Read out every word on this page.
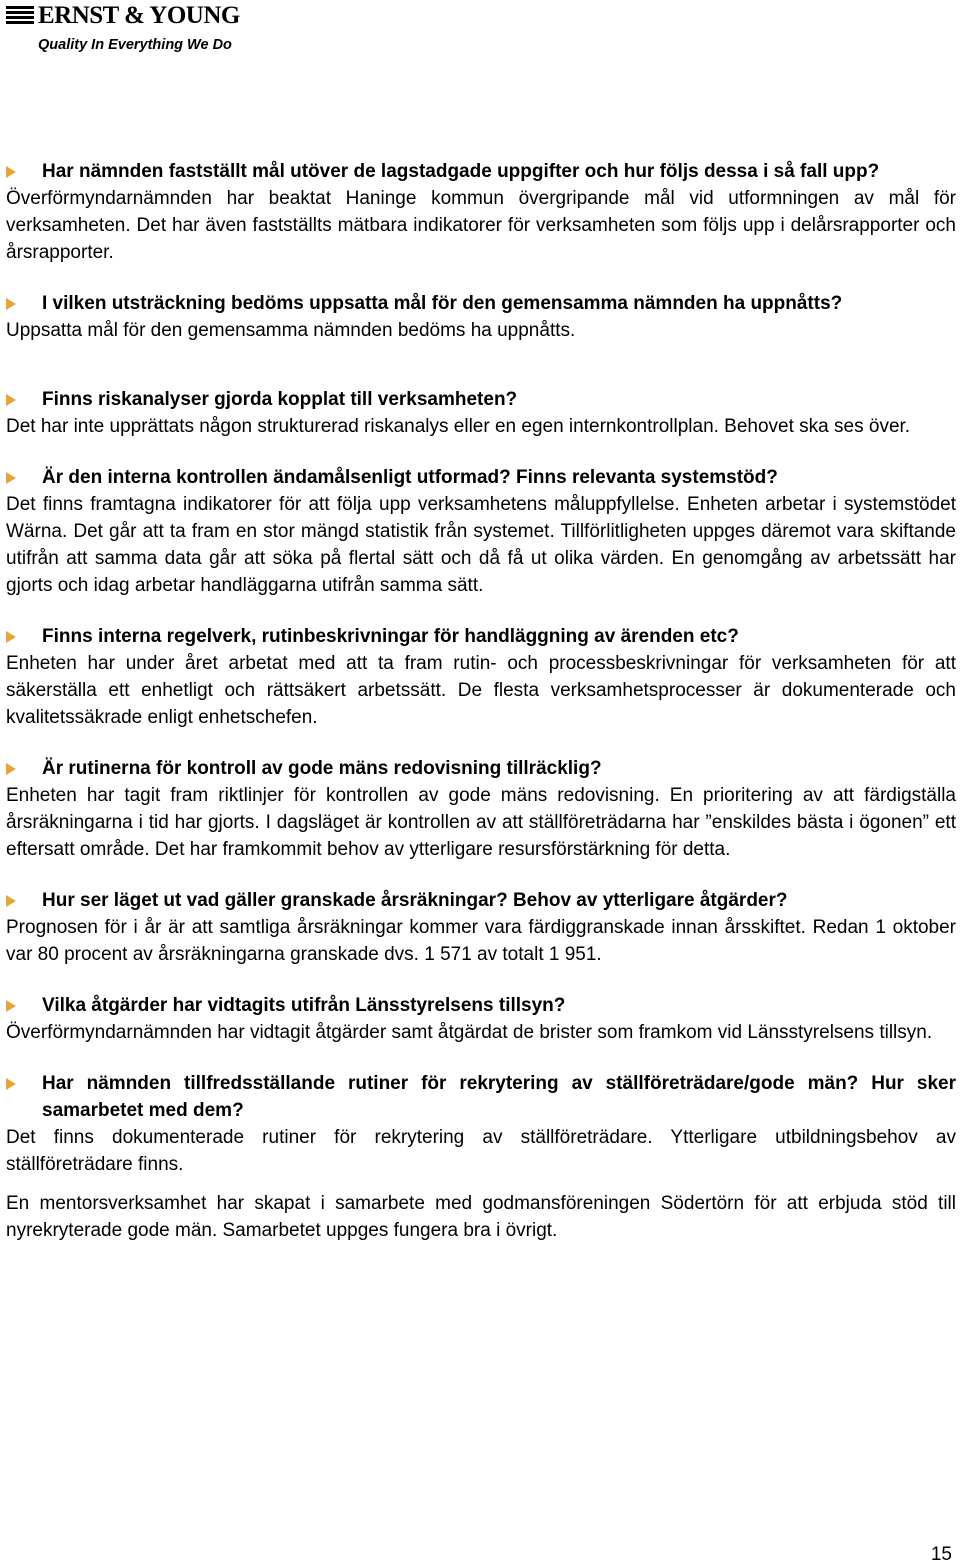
ERNST & YOUNG
Quality In Everything We Do

Har nämnden fastställt mål utöver de lagstadgade uppgifter och hur följs dessa i så fall upp?

Överförmyndarnämnden har beaktat Haninge kommun övergripande mål vid utformningen av mål för verksamheten. Det har även fastställts mätbara indikatorer för verksamheten som följs upp i delårsrapporter och årsrapporter.

I vilken utsträckning bedöms uppsatta mål för den gemensamma nämnden ha uppnåtts?

Uppsatta mål för den gemensamma nämnden bedöms ha uppnåtts.

Finns riskanalyser gjorda kopplat till verksamheten?

Det har inte upprättats någon strukturerad riskanalys eller en egen internkontrollplan. Behovet ska ses över.

Är den interna kontrollen ändamålsenligt utformad? Finns relevanta systemstöd?

Det finns framtagna indikatorer för att följa upp verksamhetens måluppfyllelse. Enheten arbetar i systemstödet Wärna. Det går att ta fram en stor mängd statistik från systemet. Tillförlitligheten uppges däremot vara skiftande utifrån att samma data går att söka på flertal sätt och då få ut olika värden. En genomgång av arbetssätt har gjorts och idag arbetar handläggarna utifrån samma sätt.

Finns interna regelverk, rutinbeskrivningar för handläggning av ärenden etc?

Enheten har under året arbetat med att ta fram rutin- och processbeskrivningar för verksamheten för att säkerställa ett enhetligt och rättsäkert arbetssätt. De flesta verksamhetsprocesser är dokumenterade och kvalitetssäkrade enligt enhetschefen.

Är rutinerna för kontroll av gode mäns redovisning tillräcklig?

Enheten har tagit fram riktlinjer för kontrollen av gode mäns redovisning. En prioritering av att färdigställa årsräkningarna i tid har gjorts. I dagsläget är kontrollen av att ställföreträdarna har ”enskildes bästa i ögonen” ett eftersatt område. Det har framkommit behov av ytterligare resursförstärkning för detta.

Hur ser läget ut vad gäller granskade årsräkningar? Behov av ytterligare åtgärder?

Prognosen för i år är att samtliga årsräkningar kommer vara färdiggranskade innan årsskiftet. Redan 1 oktober var 80 procent av årsräkningarna granskade dvs. 1 571 av totalt 1 951.

Vilka åtgärder har vidtagits utifrån Länsstyrelsens tillsyn?

Överförmyndarnämnden har vidtagit åtgärder samt åtgärdat de brister som framkom vid Länsstyrelsens tillsyn.

Har nämnden tillfredsställande rutiner för rekrytering av ställföreträdare/gode män? Hur sker samarbetet med dem?

Det finns dokumenterade rutiner för rekrytering av ställföreträdare. Ytterligare utbildningsbehov av ställföreträdare finns.

En mentorsverksamhet har skapat i samarbete med godmansföreningen Södertörn för att erbjuda stöd till nyrekryterade gode män. Samarbetet uppges fungera bra i övrigt.

15
